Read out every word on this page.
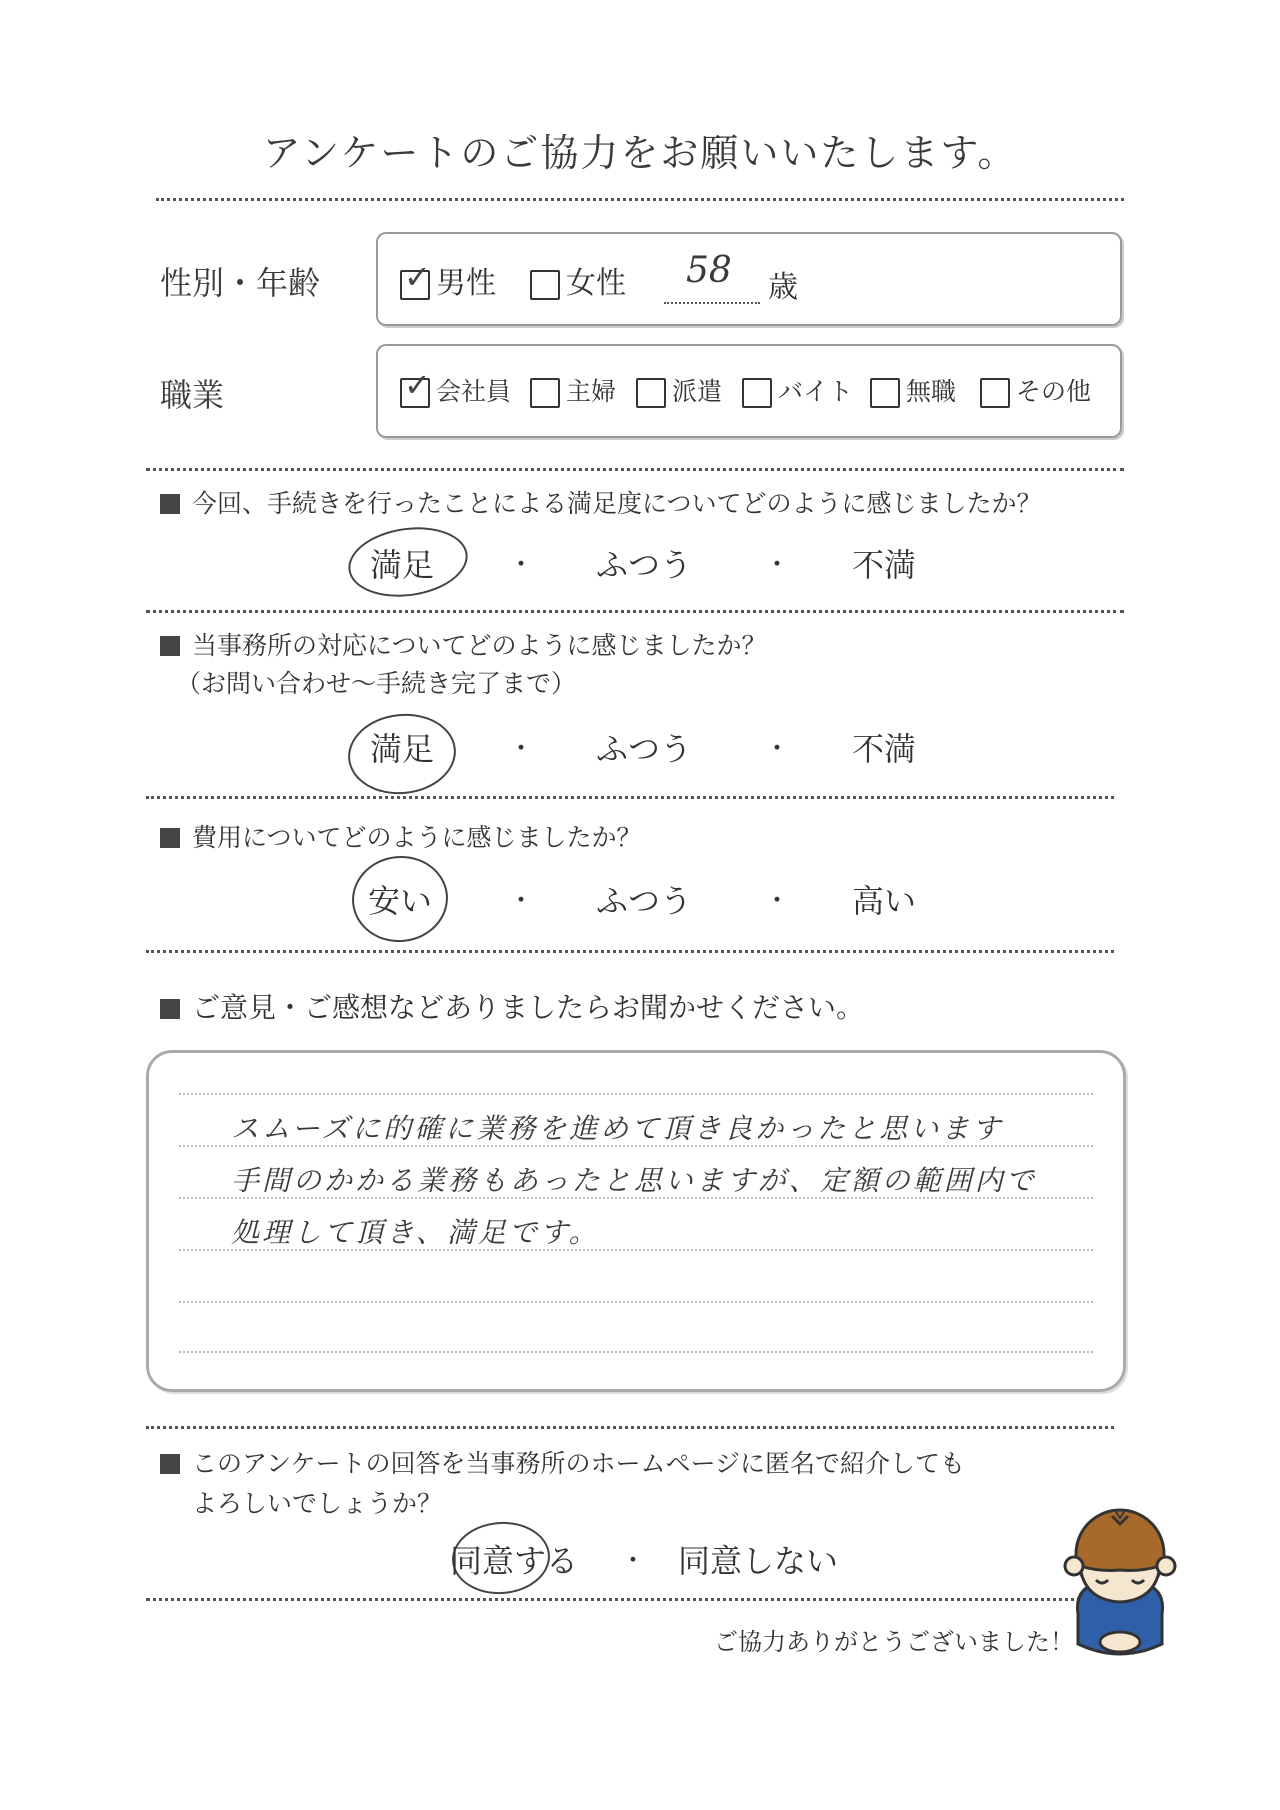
アンケートのご協力をお願いいたします。
性別・年齢	✓ 男性	女性 58 歳
職業	✓ 会社員	主婦	派遣	バイト	無職	その他
今回、手続きを行ったことによる満足度についてどのように感じましたか？
満足	・ ふつう	・ 不満
当事務所の対応についてどのように感じましたか？
（お問い合わせ〜手続き完了まで）
満足	・ ふつう	・ 不満
費用についてどのように感じましたか？
安い	・ ふつう	・ 高い
ご意見・ご感想などありましたらお聞かせください。
スムーズに的確に業務を進めて頂き良かったと思います
手間のかかる業務もあったと思いますが、定額の範囲内で
処理して頂き、満足です。
このアンケートの回答を当事務所のホームページに匿名で紹介しても
よろしいでしょうか？
同意する ・ 同意しない
ご協力ありがとうございました！
